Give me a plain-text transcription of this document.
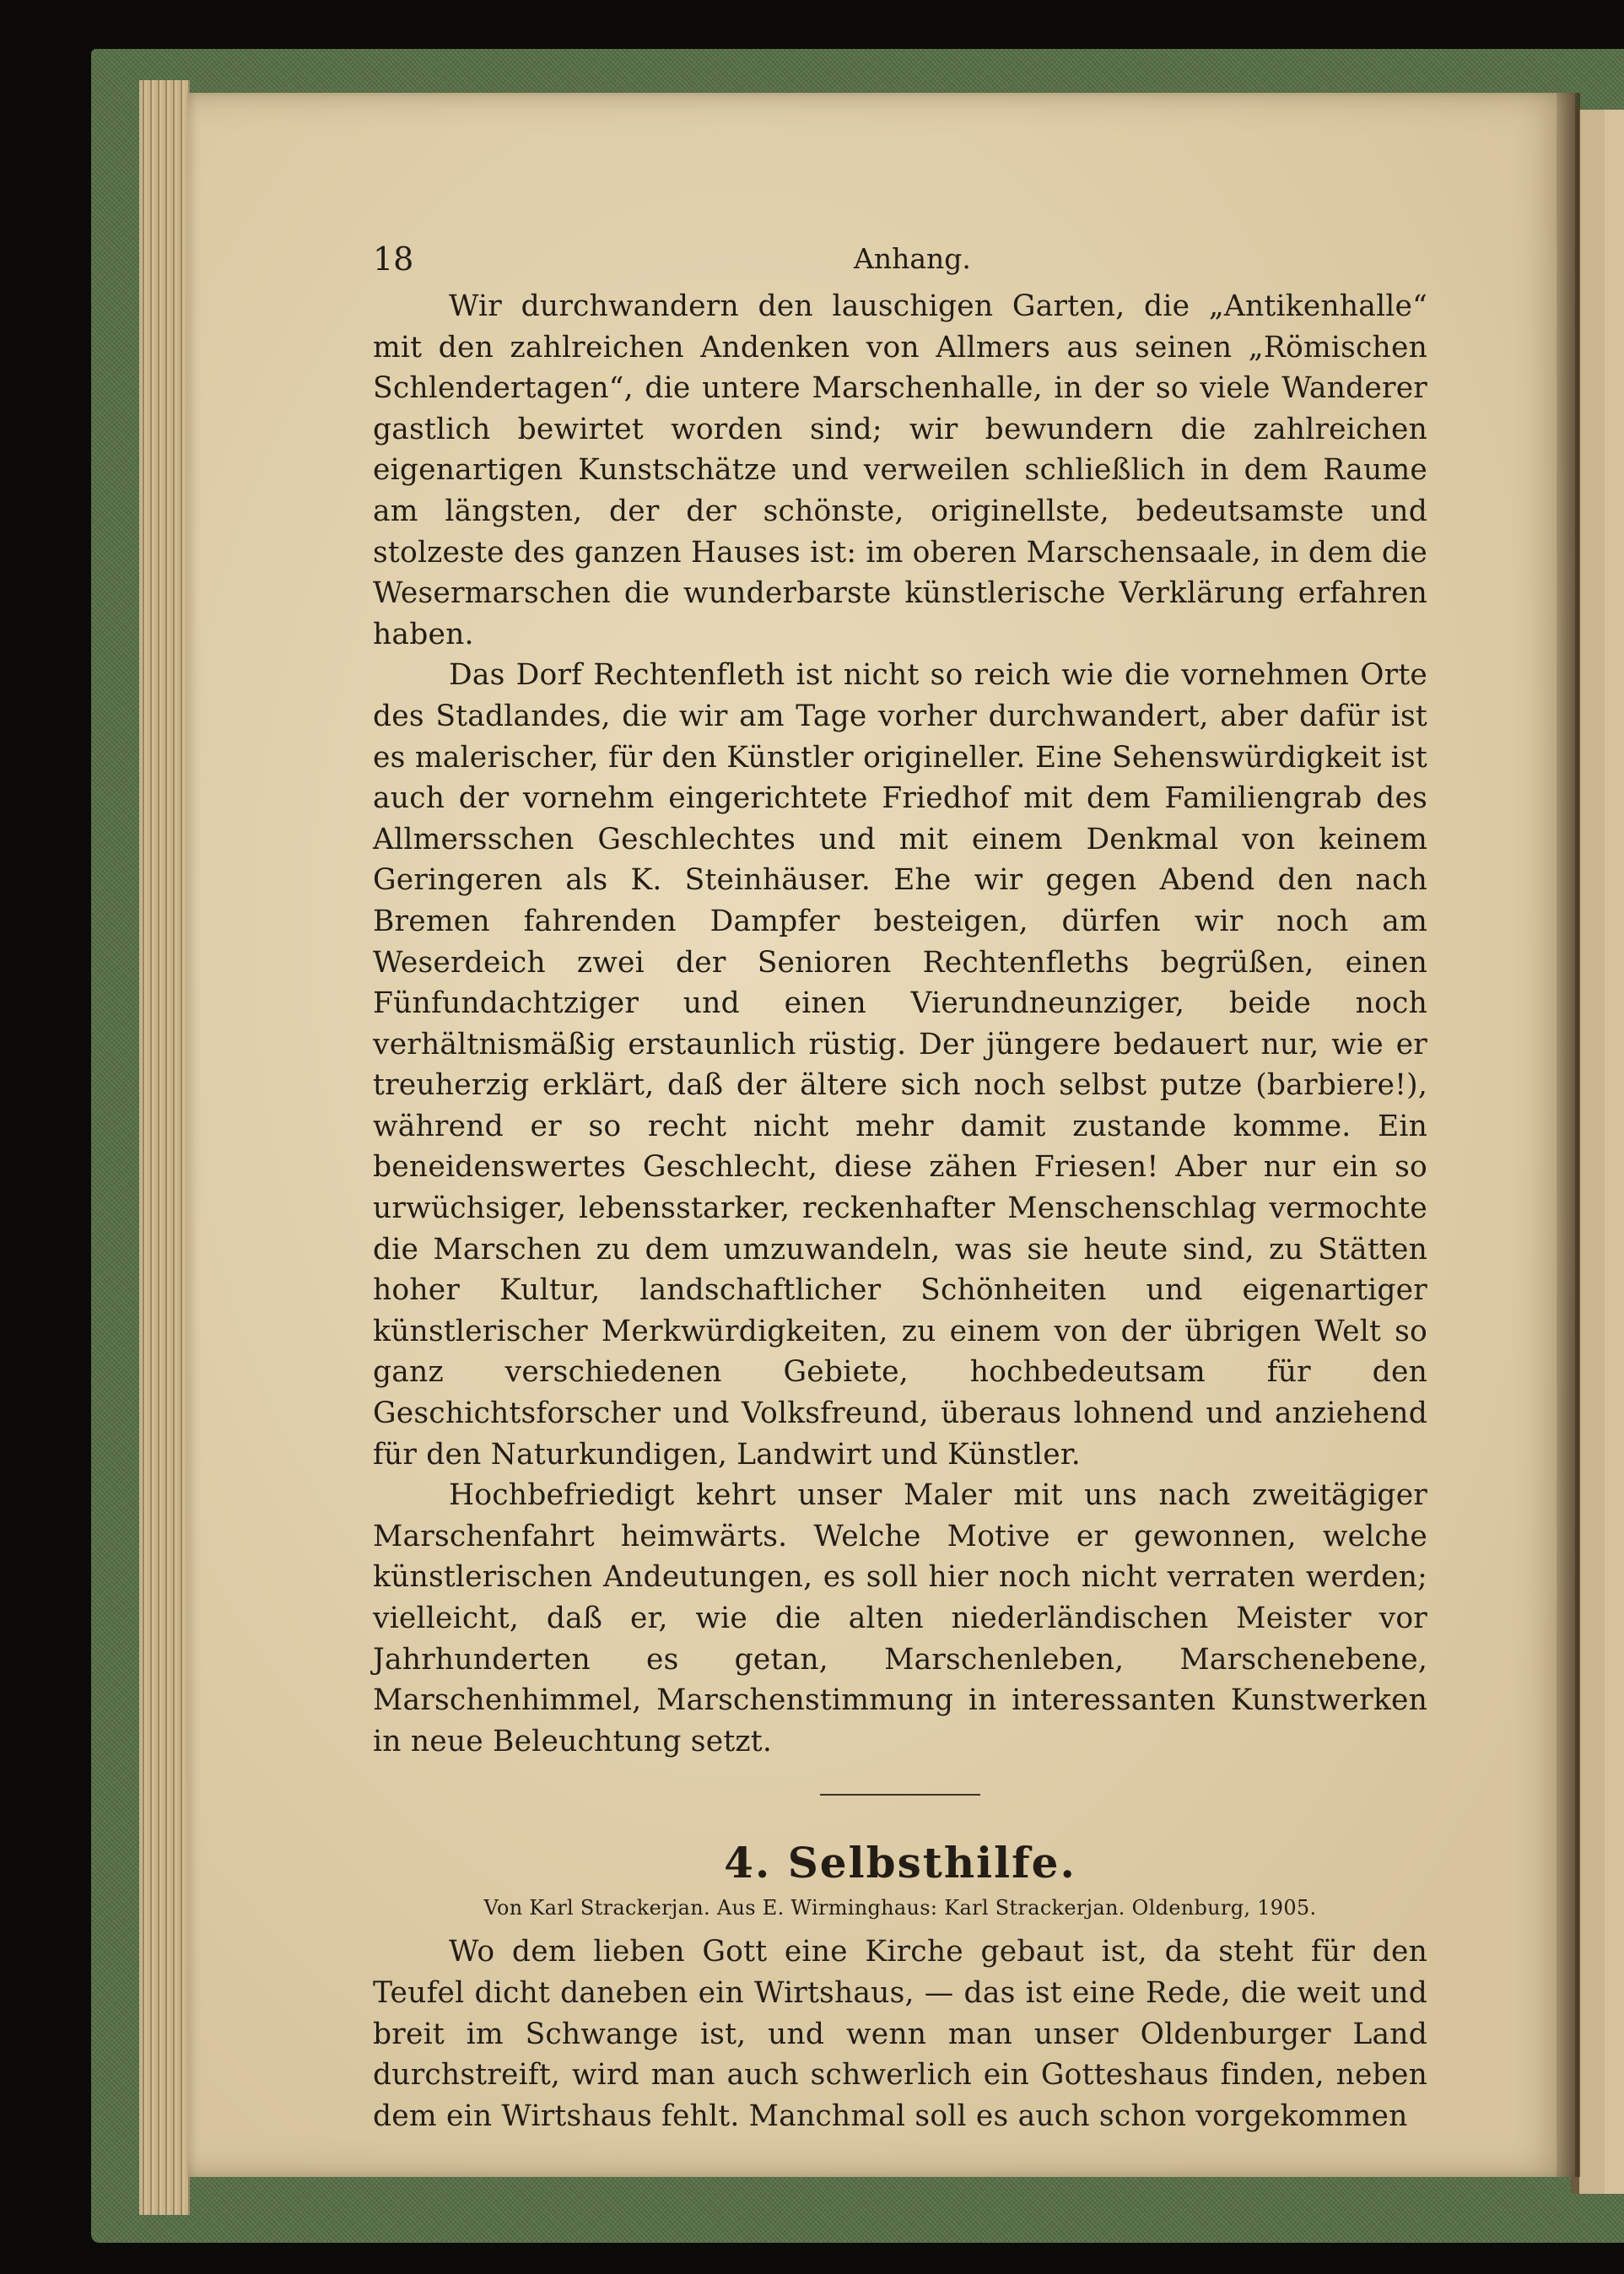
18	Anhang.

Wir durchwandern den lauschigen Garten, die „Antikenhalle“ mit den zahlreichen Andenken von Allmers aus seinen „Römischen Schlendertagen“, die untere Marschenhalle, in der so viele Wanderer gastlich bewirtet worden sind; wir bewundern die zahlreichen eigenartigen Kunstschätze und verweilen schließlich in dem Raume am längsten, der der schönste, originellste, bedeutsamste und stolzeste des ganzen Hauses ist: im oberen Marschensaale, in dem die Wesermarschen die wunderbarste künstlerische Verklärung erfahren haben.

Das Dorf Rechtenfleth ist nicht so reich wie die vornehmen Orte des Stadlandes, die wir am Tage vorher durchwandert, aber dafür ist es malerischer, für den Künstler origineller. Eine Sehenswürdigkeit ist auch der vornehm eingerichtete Friedhof mit dem Familiengrab des Allmersschen Geschlechtes und mit einem Denkmal von keinem Geringeren als K. Steinhäuser. Ehe wir gegen Abend den nach Bremen fahrenden Dampfer besteigen, dürfen wir noch am Weserdeich zwei der Senioren Rechtenfleths begrüßen, einen Fünfundachtziger und einen Vierundneunziger, beide noch verhältnismäßig erstaunlich rüstig. Der jüngere bedauert nur, wie er treuherzig erklärt, daß der ältere sich noch selbst putze (barbiere!), während er so recht nicht mehr damit zustande komme. Ein beneidenswertes Geschlecht, diese zähen Friesen! Aber nur ein so urwüchsiger, lebensstarker, reckenhafter Menschenschlag vermochte die Marschen zu dem umzuwandeln, was sie heute sind, zu Stätten hoher Kultur, landschaftlicher Schönheiten und eigenartiger künstlerischer Merkwürdigkeiten, zu einem von der übrigen Welt so ganz verschiedenen Gebiete, hochbedeutsam für den Geschichtsforscher und Volksfreund, überaus lohnend und anziehend für den Naturkundigen, Landwirt und Künstler.

Hochbefriedigt kehrt unser Maler mit uns nach zweitägiger Marschenfahrt heimwärts. Welche Motive er gewonnen, welche künstlerischen Andeutungen, es soll hier noch nicht verraten werden; vielleicht, daß er, wie die alten niederländischen Meister vor Jahrhunderten es getan, Marschenleben, Marschenebene, Marschenhimmel, Marschenstimmung in interessanten Kunstwerken in neue Beleuchtung setzt.

4. Selbsthilfe.
Von Karl Strackerjan. Aus E. Wirminghaus: Karl Strackerjan. Oldenburg, 1905.

Wo dem lieben Gott eine Kirche gebaut ist, da steht für den Teufel dicht daneben ein Wirtshaus, — das ist eine Rede, die weit und breit im Schwange ist, und wenn man unser Oldenburger Land durchstreift, wird man auch schwerlich ein Gotteshaus finden, neben dem ein Wirtshaus fehlt. Manchmal soll es auch schon vorgekommen
